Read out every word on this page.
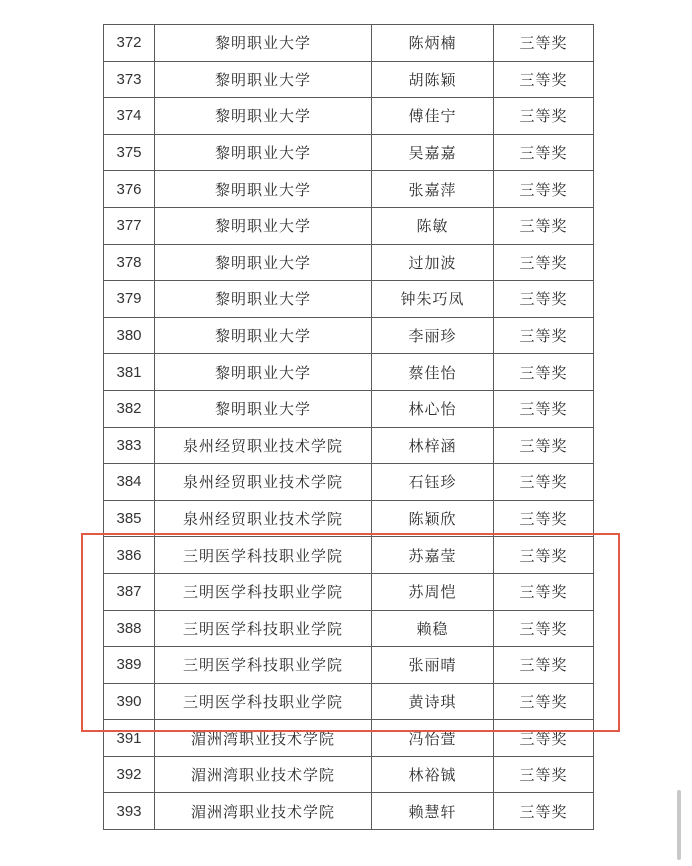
372	黎明职业大学	陈炳楠	三等奖
373	黎明职业大学	胡陈颖	三等奖
374	黎明职业大学	傅佳宁	三等奖
375	黎明职业大学	吴嘉嘉	三等奖
376	黎明职业大学	张嘉萍	三等奖
377	黎明职业大学	陈敏	三等奖
378	黎明职业大学	过加波	三等奖
379	黎明职业大学	钟朱巧凤	三等奖
380	黎明职业大学	李丽珍	三等奖
381	黎明职业大学	蔡佳怡	三等奖
382	黎明职业大学	林心怡	三等奖
383	泉州经贸职业技术学院	林梓涵	三等奖
384	泉州经贸职业技术学院	石钰珍	三等奖
385	泉州经贸职业技术学院	陈颖欣	三等奖
386	三明医学科技职业学院	苏嘉莹	三等奖
387	三明医学科技职业学院	苏周恺	三等奖
388	三明医学科技职业学院	赖稳	三等奖
389	三明医学科技职业学院	张丽晴	三等奖
390	三明医学科技职业学院	黄诗琪	三等奖
391	湄洲湾职业技术学院	冯怡萱	三等奖
392	湄洲湾职业技术学院	林裕铖	三等奖
393	湄洲湾职业技术学院	赖慧轩	三等奖
